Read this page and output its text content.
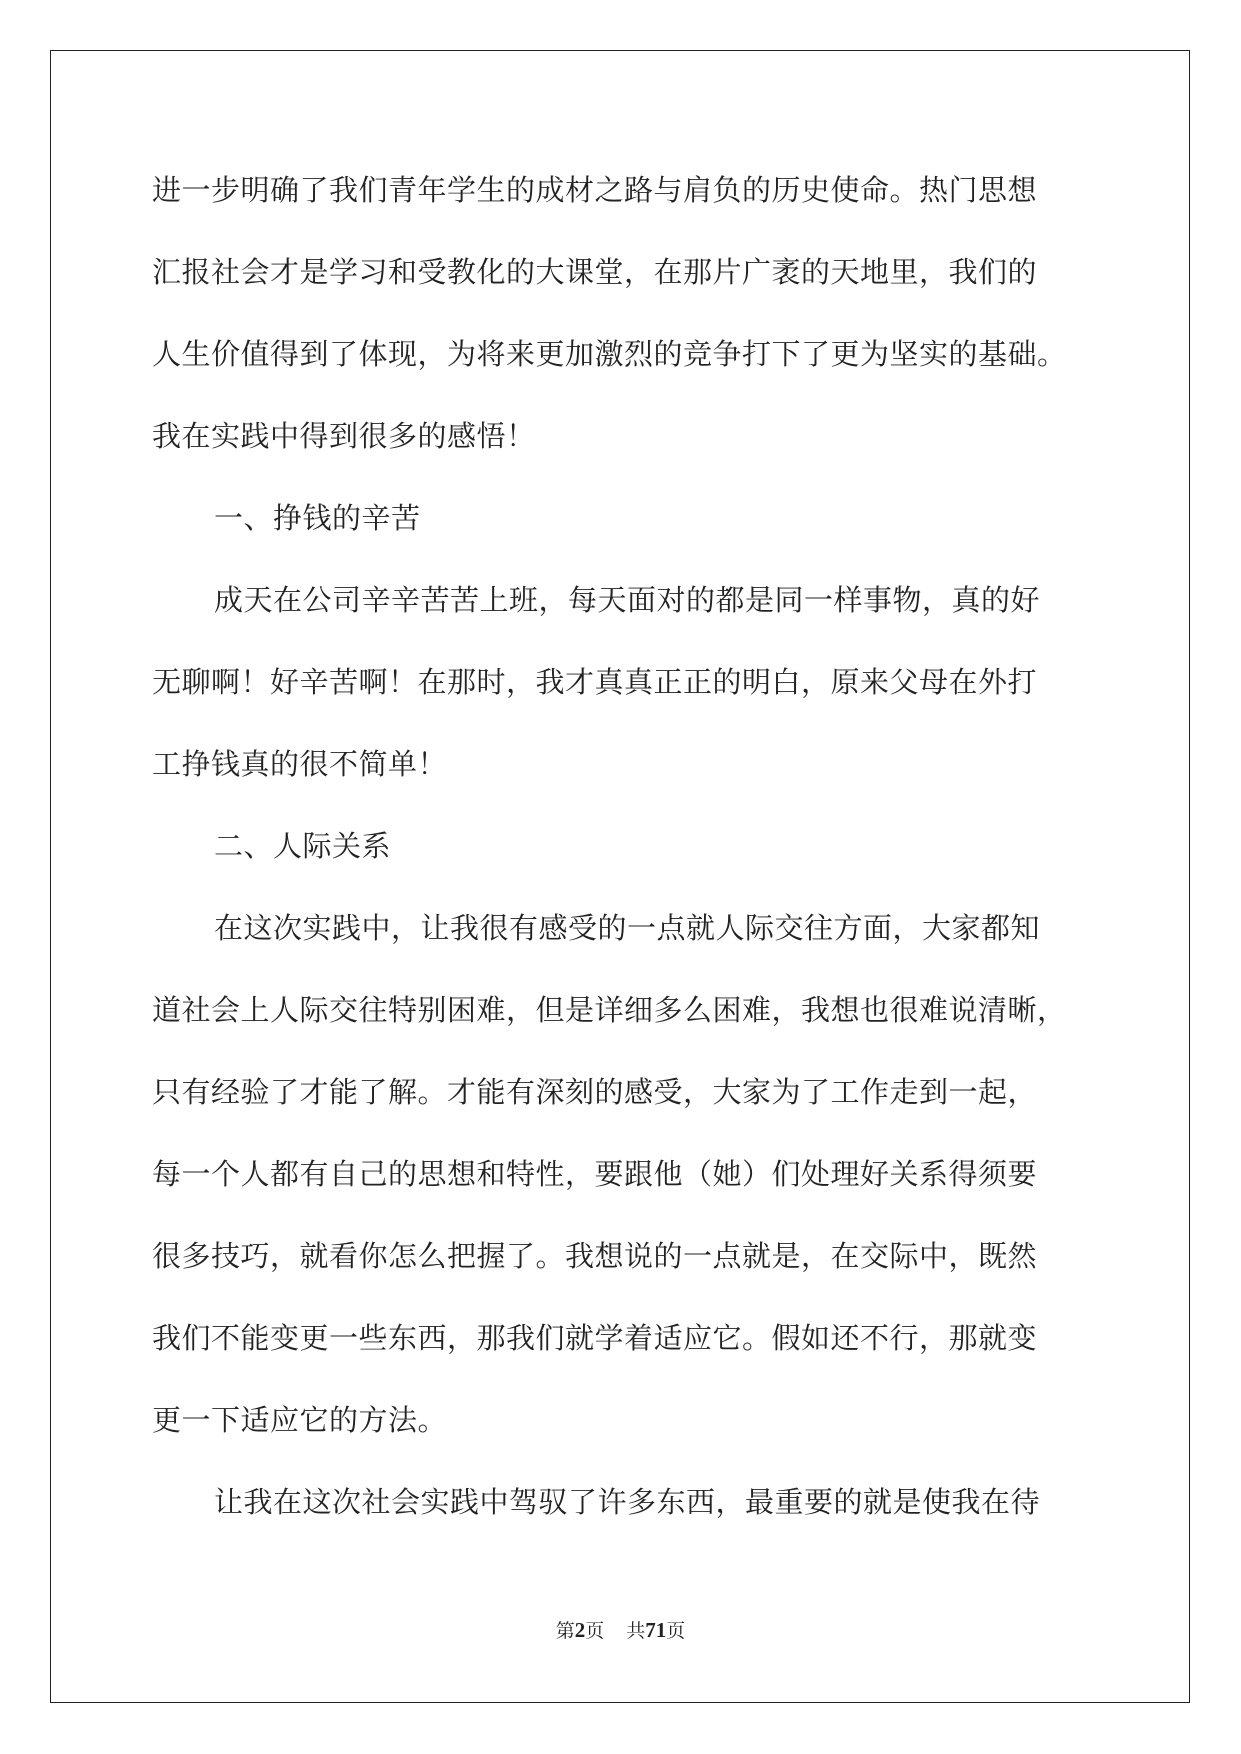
进一步明确了我们青年学生的成材之路与肩负的历史使命。热门思想
汇报社会才是学习和受教化的大课堂，在那片广袤的天地里，我们的
人生价值得到了体现，为将来更加激烈的竞争打下了更为坚实的基础。
我在实践中得到很多的感悟！
一、挣钱的辛苦
成天在公司辛辛苦苦上班，每天面对的都是同一样事物，真的好
无聊啊！好辛苦啊！在那时，我才真真正正的明白，原来父母在外打
工挣钱真的很不简单！
二、人际关系
在这次实践中，让我很有感受的一点就人际交往方面，大家都知
道社会上人际交往特别困难，但是详细多么困难，我想也很难说清晰，
只有经验了才能了解。才能有深刻的感受，大家为了工作走到一起，
每一个人都有自己的思想和特性，要跟他（她）们处理好关系得须要
很多技巧，就看你怎么把握了。我想说的一点就是，在交际中，既然
我们不能变更一些东西，那我们就学着适应它。假如还不行，那就变
更一下适应它的方法。
让我在这次社会实践中驾驭了许多东西，最重要的就是使我在待
第2页 共71页
